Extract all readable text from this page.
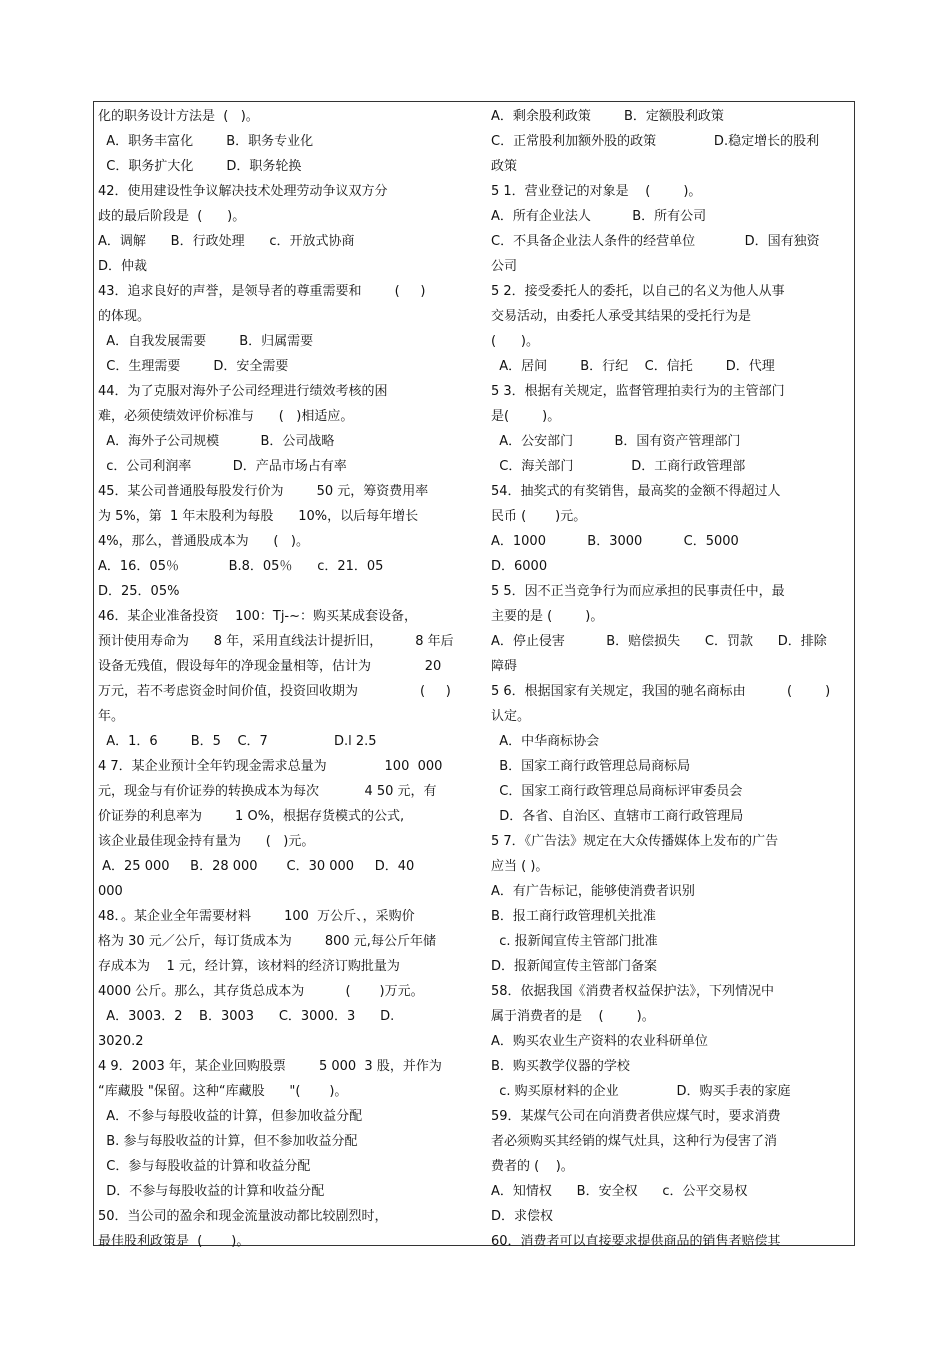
化的职务设计方法是  (   )。
A．职务丰富化        B．职务专业化
C．职务扩大化        D．职务轮换
42．使用建设性争议解决技术处理劳动争议双方分
歧的最后阶段是  (      )。
A．调解      B．行政处理      c．开放式协商
D．仲裁
43．追求良好的声誉，是领导者的尊重需要和        (     )
的体现。
A．自我发展需要        B．归属需要
C．生理需要        D．安全需要
44．为了克服对海外子公司经理进行绩效考核的困
难，必须使绩效评价标准与      (   )相适应。
A．海外子公司规模          B．公司战略
c．公司利润率          D．产品市场占有率
45．某公司普通股每股发行价为        50 元，筹资费用率
为 5%，第  1 年末股利为每股      10%，以后每年增长
4%，那么，普通股成本为      (   )。
A．16．05％            B.8．05％      c．21．05
D．25．05%
46．某企业准备投资    100：Tj-~：购买某成套设备，
预计使用寿命为      8 年，采用直线法计提折旧，        8 年后
设备无残值，假设每年的净现金量相等，估计为             20
万元，若不考虑资金时间价值，投资回收期为               (     )
年。
A．1．6        B．5    C．7                D.l 2.5
4 7．某企业预计全年钓现金需求总量为              100  000
元，现金与有价证券的转换成本为每次           4 50 元，有
价证券的利息率为        1 O%，根据存货模式的公式,
该企业最佳现金持有量为      (   )元。
A．25 000     B．28 000       C．30 000     D．40
000
48．。某企业全年需要材料        100  万公斤、，采购价
格为 30 元／公斤，每订货成本为        800 元,每公斤年储
存成本为    1 元，经计算，该材料的经济订购批量为
4000 公斤。那么，其存货总成本为          (       )万元。
A．3003．2    B．3003      C．3000．3      D.
3020.2
4 9．2003 年，某企业回购股票        5 000  3 股，并作为
“库藏股 "保留。这种“库藏股      "(       )。
A．不参与每股收益的计算，但参加收益分配
B. 参与每股收益的计算，但不参加收益分配
C．参与每股收益的计算和收益分配
D．不参与每股收益的计算和收益分配
50．当公司的盈余和现金流量波动都比较剧烈时，
最佳股利政策是  (       )。
A．剩余股利政策        B．定额股利政策
C．正常股利加额外股的政策              D.稳定增长的股利
政策
5 1．营业登记的对象是    (        )。
A．所有企业法人          B．所有公司
C．不具备企业法人条件的经营单位            D．国有独资
公司
5 2．接受委托人的委托，以自己的名义为他人从事
交易活动，由委托人承受其结果的受托行为是
(      )。
A．居间        B．行纪    C．信托        D．代理
5 3．根据有关规定，监督管理拍卖行为的主管部门
是(        )。
A．公安部门          B．国有资产管理部门
C．海关部门              D．工商行政管理部
54．抽奖式的有奖销售，最高奖的金额不得超过人
民币 (       )元。
A．1000          B．3000          C．5000
D．6000
5 5．因不正当竞争行为而应承担的民事责任中，最
主要的是 (        )。
A．停止侵害          B．赔偿损失      C．罚款      D．排除
障碍
5 6．根据国家有关规定，我国的驰名商标由          (        )
认定。
A．中华商标协会
B．国家工商行政管理总局商标局
C．国家工商行政管理总局商标评审委员会
D．各省、自治区、直辖市工商行政管理局
5 7．《广告法》规定在大众传播媒体上发布的广告
应当 ( )。
A．有广告标记，能够使消费者识别
B．报工商行政管理机关批准
c. 报新闻宣传主管部门批准
D．报新闻宣传主管部门备案
58．依据我国《消费者权益保护法》，下列情况中
属于消费者的是    (        )。
A．购买农业生产资料的农业科研单位
B．购买教学仪器的学校
c. 购买原材料的企业              D．购买手表的家庭
59．某煤气公司在向消费者供应煤气时，要求消费
者必须购买其经销的煤气灶具，这种行为侵害了消
费者的 (    )。
A．知情权      B．安全权      c．公平交易权
D．求偿权
60．消费者可以直接要求提供商品的销售者赔偿其
